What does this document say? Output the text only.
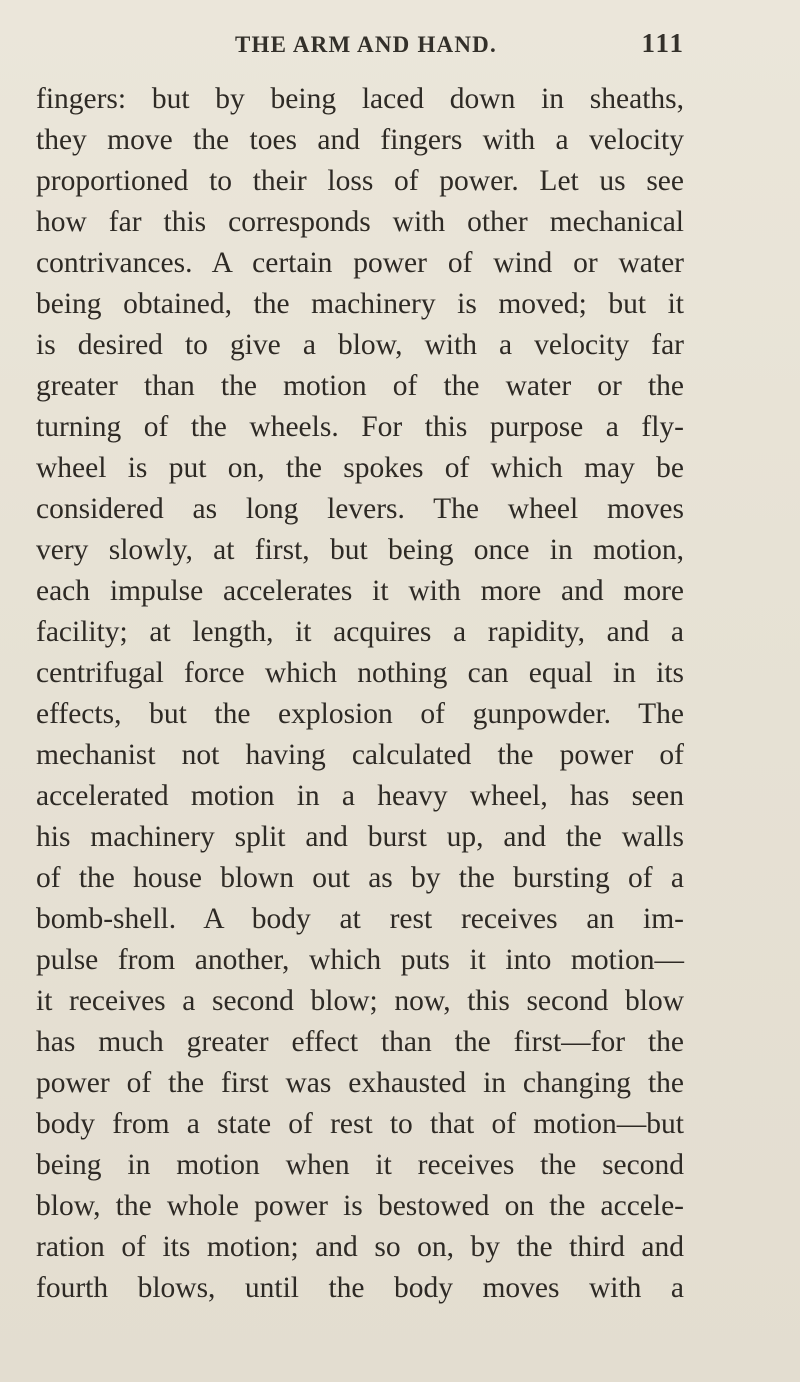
THE ARM AND HAND.	111
fingers: but by being laced down in sheaths,
they move the toes and fingers with a velocity
proportioned to their loss of power. Let us see
how far this corresponds with other mechanical
contrivances. A certain power of wind or water
being obtained, the machinery is moved; but it
is desired to give a blow, with a velocity far
greater than the motion of the water or the
turning of the wheels. For this purpose a fly-
wheel is put on, the spokes of which may be
considered as long levers. The wheel moves
very slowly, at first, but being once in motion,
each impulse accelerates it with more and more
facility; at length, it acquires a rapidity, and a
centrifugal force which nothing can equal in its
effects, but the explosion of gunpowder. The
mechanist not having calculated the power of
accelerated motion in a heavy wheel, has seen
his machinery split and burst up, and the walls
of the house blown out as by the bursting of a
bomb-shell. A body at rest receives an im-
pulse from another, which puts it into motion—
it receives a second blow; now, this second blow
has much greater effect than the first—for the
power of the first was exhausted in changing the
body from a state of rest to that of motion—but
being in motion when it receives the second
blow, the whole power is bestowed on the accele-
ration of its motion; and so on, by the third and
fourth blows, until the body moves with a
